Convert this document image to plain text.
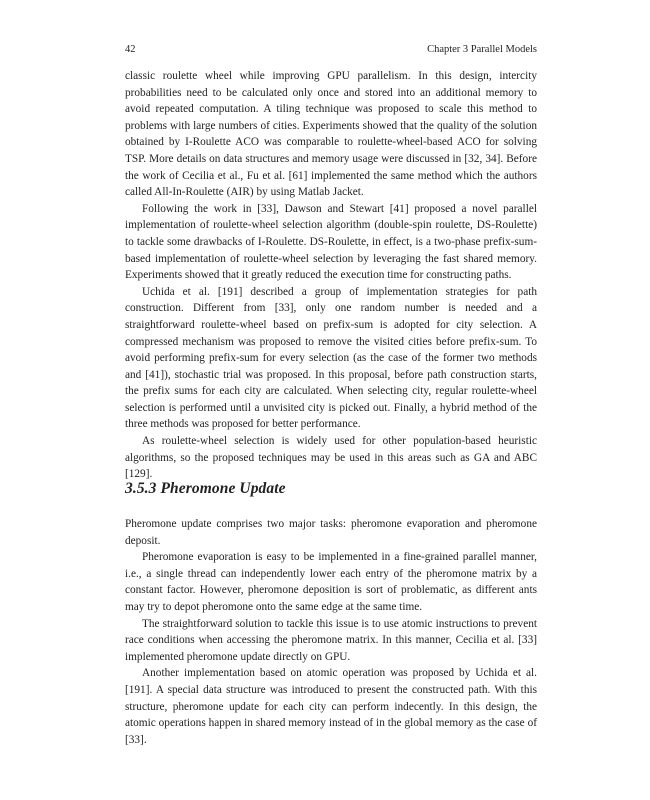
42	Chapter 3 Parallel Models

classic roulette wheel while improving GPU parallelism. In this design, intercity probabilities need to be calculated only once and stored into an additional memory to avoid repeated computation. A tiling technique was proposed to scale this method to problems with large numbers of cities. Experiments showed that the quality of the solution obtained by I-Roulette ACO was comparable to roulette-wheel-based ACO for solving TSP. More details on data structures and memory usage were discussed in [32, 34]. Before the work of Cecilia et al., Fu et al. [61] implemented the same method which the authors called All-In-Roulette (AIR) by using Matlab Jacket.

Following the work in [33], Dawson and Stewart [41] proposed a novel parallel implementation of roulette-wheel selection algorithm (double-spin roulette, DS-Roulette) to tackle some drawbacks of I-Roulette. DS-Roulette, in effect, is a two-phase prefix-sum-based implementation of roulette-wheel selection by leveraging the fast shared memory. Experiments showed that it greatly reduced the execution time for constructing paths.

Uchida et al. [191] described a group of implementation strategies for path construction. Different from [33], only one random number is needed and a straightforward roulette-wheel based on prefix-sum is adopted for city selection. A compressed mechanism was proposed to remove the visited cities before prefix-sum. To avoid performing prefix-sum for every selection (as the case of the former two methods and [41]), stochastic trial was proposed. In this proposal, before path construction starts, the prefix sums for each city are calculated. When selecting city, regular roulette-wheel selection is performed until a unvisited city is picked out. Finally, a hybrid method of the three methods was proposed for better performance.

As roulette-wheel selection is widely used for other population-based heuristic algorithms, so the proposed techniques may be used in this areas such as GA and ABC [129].

3.5.3 Pheromone Update

Pheromone update comprises two major tasks: pheromone evaporation and pheromone deposit.

Pheromone evaporation is easy to be implemented in a fine-grained parallel manner, i.e., a single thread can independently lower each entry of the pheromone matrix by a constant factor. However, pheromone deposition is sort of problematic, as different ants may try to depot pheromone onto the same edge at the same time.

The straightforward solution to tackle this issue is to use atomic instructions to prevent race conditions when accessing the pheromone matrix. In this manner, Cecilia et al. [33] implemented pheromone update directly on GPU.

Another implementation based on atomic operation was proposed by Uchida et al. [191]. A special data structure was introduced to present the constructed path. With this structure, pheromone update for each city can perform indecently. In this design, the atomic operations happen in shared memory instead of in the global memory as the case of [33].
